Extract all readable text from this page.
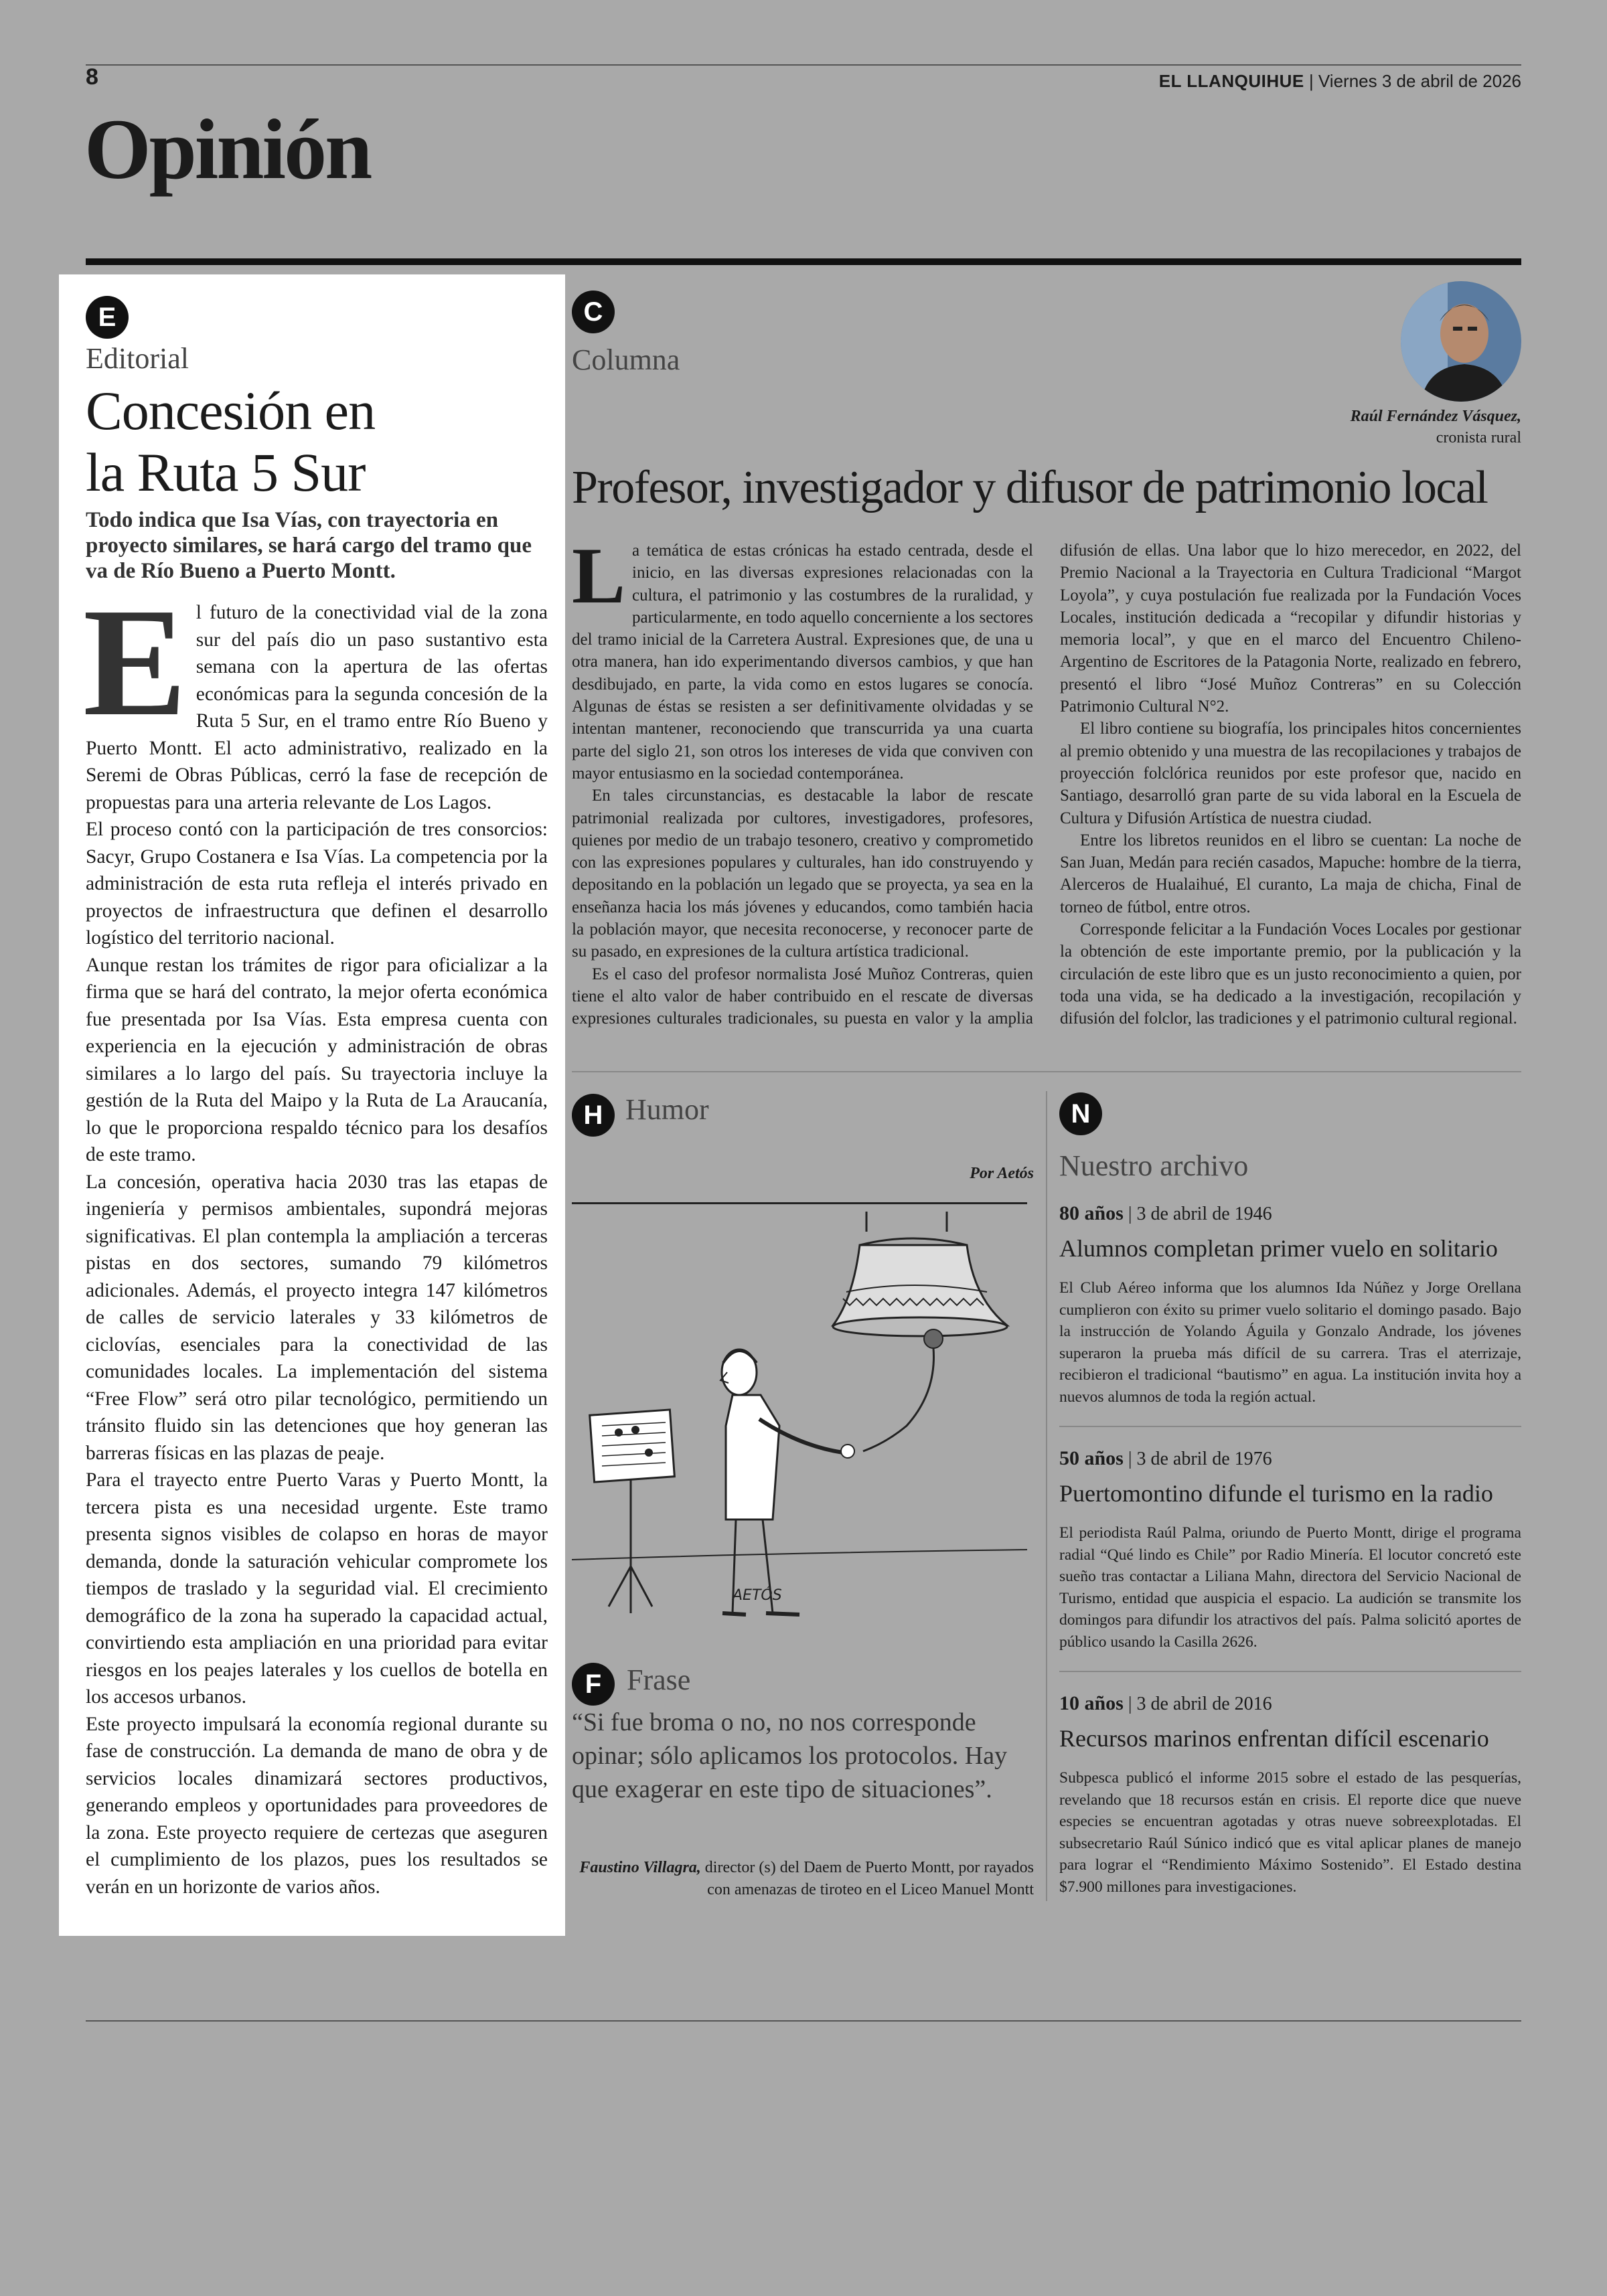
8	EL LLANQUIHUE | Viernes 3 de abril de 2026
Opinión
E
Editorial
Concesión en
la Ruta 5 Sur
Todo indica que Isa Vías, con trayectoria en proyecto similares, se hará cargo del tramo que va de Río Bueno a Puerto Montt.

El futuro de la conectividad vial de la zona sur del país dio un paso sustantivo esta semana con la apertura de las ofertas económicas para la segunda concesión de la Ruta 5 Sur, en el tramo entre Río Bueno y Puerto Montt. El acto administrativo, realizado en la Seremi de Obras Públicas, cerró la fase de recepción de propuestas para una arteria relevante de Los Lagos.

El proceso contó con la participación de tres consorcios: Sacyr, Grupo Costanera e Isa Vías. La competencia por la administración de esta ruta refleja el interés privado en proyectos de infraestructura que definen el desarrollo logístico del territorio nacional.

Aunque restan los trámites de rigor para oficializar a la firma que se hará del contrato, la mejor oferta económica fue presentada por Isa Vías. Esta empresa cuenta con experiencia en la ejecución y administración de obras similares a lo largo del país. Su trayectoria incluye la gestión de la Ruta del Maipo y la Ruta de La Araucanía, lo que le proporciona respaldo técnico para los desafíos de este tramo.

La concesión, operativa hacia 2030 tras las etapas de ingeniería y permisos ambientales, supondrá mejoras significativas. El plan contempla la ampliación a terceras pistas en dos sectores, sumando 79 kilómetros adicionales. Además, el proyecto integra 147 kilómetros de calles de servicio laterales y 33 kilómetros de ciclovías, esenciales para la conectividad de las comunidades locales. La implementación del sistema “Free Flow” será otro pilar tecnológico, permitiendo un tránsito fluido sin las detenciones que hoy generan las barreras físicas en las plazas de peaje.

Para el trayecto entre Puerto Varas y Puerto Montt, la tercera pista es una necesidad urgente. Este tramo presenta signos visibles de colapso en horas de mayor demanda, donde la saturación vehicular compromete los tiempos de traslado y la seguridad vial. El crecimiento demográfico de la zona ha superado la capacidad actual, convirtiendo esta ampliación en una prioridad para evitar riesgos en los peajes laterales y los cuellos de botella en los accesos urbanos.

Este proyecto impulsará la economía regional durante su fase de construcción. La demanda de mano de obra y de servicios locales dinamizará sectores productivos, generando empleos y oportunidades para proveedores de la zona. Este proyecto requiere de certezas que aseguren el cumplimiento de los plazos, pues los resultados se verán en un horizonte de varios años.

C
Columna
Raúl Fernández Vásquez,
cronista rural
Profesor, investigador y difusor de patrimonio local

La temática de estas crónicas ha estado centrada, desde el inicio, en las diversas expresiones relacionadas con la cultura, el patrimonio y las costumbres de la ruralidad, y particularmente, en todo aquello concerniente a los sectores del tramo inicial de la Carretera Austral. Expresiones que, de una u otra manera, han ido experimentando diversos cambios, y que han desdibujado, en parte, la vida como en estos lugares se conocía. Algunas de éstas se resisten a ser definitivamente olvidadas y se intentan mantener, reconociendo que transcurrida ya una cuarta parte del siglo 21, son otros los intereses de vida que conviven con mayor entusiasmo en la sociedad contemporánea.

En tales circunstancias, es destacable la labor de rescate patrimonial realizada por cultores, investigadores, profesores, quienes por medio de un trabajo tesonero, creativo y comprometido con las expresiones populares y culturales, han ido construyendo y depositando en la población un legado que se proyecta, ya sea en la enseñanza hacia los más jóvenes y educandos, como también hacia la población mayor, que necesita reconocerse, y reconocer parte de su pasado, en expresiones de la cultura artística tradicional.

Es el caso del profesor normalista José Muñoz Contreras, quien tiene el alto valor de haber contribuido en el rescate de diversas expresiones culturales tradicionales, su puesta en valor y la amplia difusión de ellas. Una labor que lo hizo merecedor, en 2022, del Premio Nacional a la Trayectoria en Cultura Tradicional “Margot Loyola”, y cuya postulación fue realizada por la Fundación Voces Locales, institución dedicada a “recopilar y difundir historias y memoria local”, y que en el marco del Encuentro Chileno- Argentino de Escritores de la Patagonia Norte, realizado en febrero, presentó el libro “José Muñoz Contreras” en su Colección Patrimonio Cultural N°2.

El libro contiene su biografía, los principales hitos concernientes al premio obtenido y una muestra de las recopilaciones y trabajos de proyección folclórica reunidos por este profesor que, nacido en Santiago, desarrolló gran parte de su vida laboral en la Escuela de Cultura y Difusión Artística de nuestra ciudad.

Entre los libretos reunidos en el libro se cuentan: La noche de San Juan, Medán para recién casados, Mapuche: hombre de la tierra, Alerceros de Hualaihué, El curanto, La maja de chicha, Final de torneo de fútbol, entre otros.

Corresponde felicitar a la Fundación Voces Locales por gestionar la obtención de este importante premio, por la publicación y la circulación de este libro que es un justo reconocimiento a quien, por toda una vida, se ha dedicado a la investigación, recopilación y difusión del folclor, las tradiciones y el patrimonio cultural regional.

H Humor
Por Aetós
AETÓS
F Frase
“Si fue broma o no, no nos corresponde opinar; sólo aplicamos los protocolos. Hay que exagerar en este tipo de situaciones”.
Faustino Villagra, director (s) del Daem de Puerto Montt, por rayados con amenazas de tiroteo en el Liceo Manuel Montt
N
Nuestro archivo
80 años | 3 de abril de 1946
Alumnos completan primer vuelo en solitario
El Club Aéreo informa que los alumnos Ida Núñez y Jorge Orellana cumplieron con éxito su primer vuelo solitario el domingo pasado. Bajo la instrucción de Yolando Águila y Gonzalo Andrade, los jóvenes superaron la prueba más difícil de su carrera. Tras el aterrizaje, recibieron el tradicional “bautismo” en agua. La institución invita hoy a nuevos alumnos de toda la región actual.
50 años | 3 de abril de 1976
Puertomontino difunde el turismo en la radio
El periodista Raúl Palma, oriundo de Puerto Montt, dirige el programa radial “Qué lindo es Chile” por Radio Minería. El locutor concretó este sueño tras contactar a Liliana Mahn, directora del Servicio Nacional de Turismo, entidad que auspicia el espacio. La audición se transmite los domingos para difundir los atractivos del país. Palma solicitó aportes de público usando la Casilla 2626.
10 años | 3 de abril de 2016
Recursos marinos enfrentan difícil escenario
Subpesca publicó el informe 2015 sobre el estado de las pesquerías, revelando que 18 recursos están en crisis. El reporte dice que nueve especies se encuentran agotadas y otras nueve sobreexplotadas. El subsecretario Raúl Súnico indicó que es vital aplicar planes de manejo para lograr el “Rendimiento Máximo Sostenido”. El Estado destina $7.900 millones para investigaciones.
